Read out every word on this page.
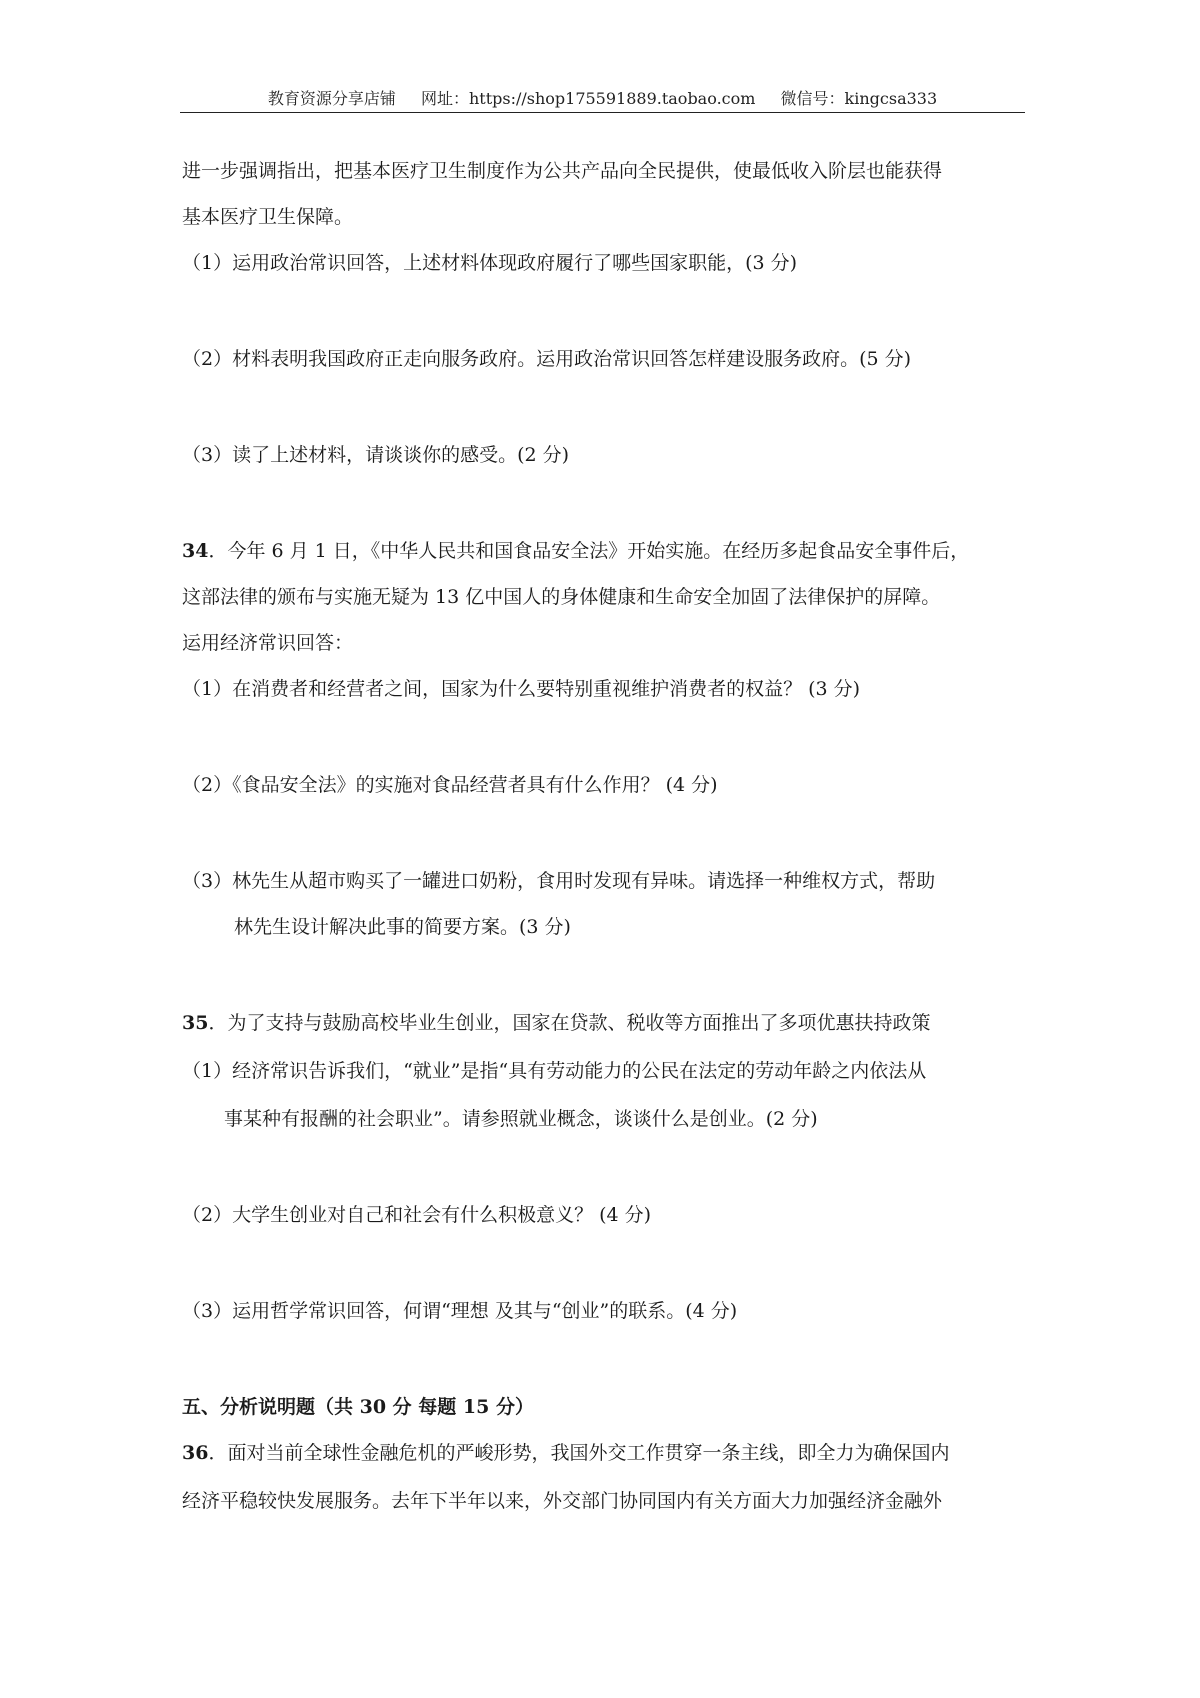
教育资源分享店铺 网址：https://shop175591889.taobao.com 微信号：kingcsa333
进一步强调指出，把基本医疗卫生制度作为公共产品向全民提供，使最低收入阶层也能获得
基本医疗卫生保障。
（1）运用政治常识回答，上述材料体现政府履行了哪些国家职能，(3 分)
（2）材料表明我国政府正走向服务政府。运用政治常识回答怎样建设服务政府。(5 分)
（3）读了上述材料，请谈谈你的感受。(2 分)
34．今年 6 月 1 日，《中华人民共和国食品安全法》开始实施。在经历多起食品安全事件后，
这部法律的颁布与实施无疑为 13 亿中国人的身体健康和生命安全加固了法律保护的屏障。
运用经济常识回答：
（1）在消费者和经营者之间，国家为什么要特别重视维护消费者的权益？ (3 分)
（2）《食品安全法》的实施对食品经营者具有什么作用？ (4 分)
（3）林先生从超市购买了一罐进口奶粉，食用时发现有异味。请选择一种维权方式，帮助
林先生设计解决此事的简要方案。(3 分)
35．为了支持与鼓励高校毕业生创业，国家在贷款、税收等方面推出了多项优惠扶持政策
（1）经济常识告诉我们，“就业”是指“具有劳动能力的公民在法定的劳动年龄之内依法从
事某种有报酬的社会职业”。请参照就业概念，谈谈什么是创业。(2 分)
（2）大学生创业对自己和社会有什么积极意义？ (4 分)
（3）运用哲学常识回答，何谓“理想 及其与“创业”的联系。(4 分)
五、分析说明题（共 30 分 每题 15 分）
36．面对当前全球性金融危机的严峻形势，我国外交工作贯穿一条主线，即全力为确保国内
经济平稳较快发展服务。去年下半年以来，外交部门协同国内有关方面大力加强经济金融外
